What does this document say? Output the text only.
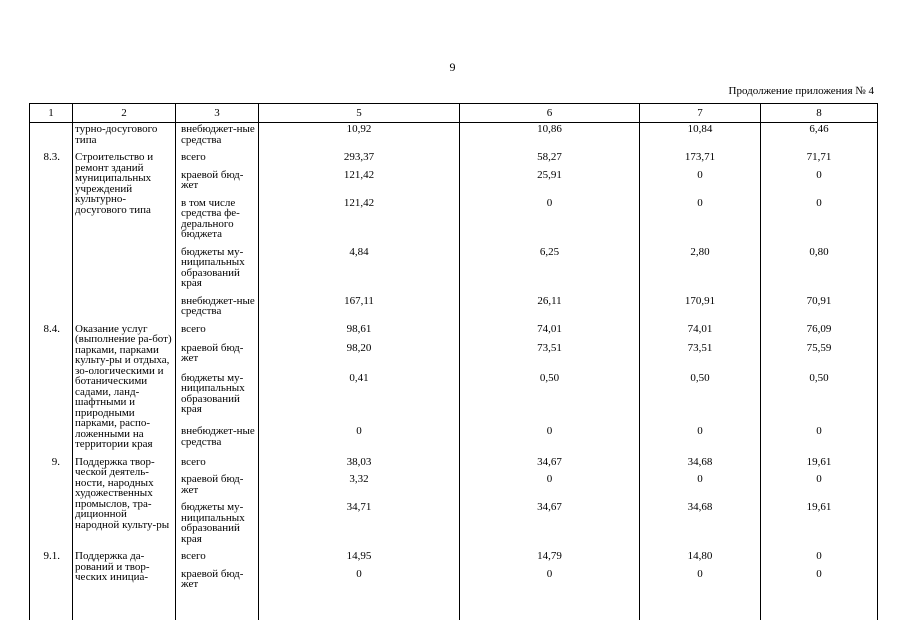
9
Продолжение приложения № 4
1	2	3	5	6	7	8
	турно-досугового типа	внебюджет-ные средства	10,92	10,86	10,84	6,46
8.3.	Строительство и ремонт зданий муниципальных учреждений культурно-досугового типа	всего	293,37	58,27	173,71	71,71
		краевой бюд-жет	121,42	25,91	0	0
		в том числе средства фе-дерального бюджета	121,42	0	0	0
		бюджеты му-ниципальных образований края	4,84	6,25	2,80	0,80
		внебюджет-ные средства	167,11	26,11	170,91	70,91
8.4.	Оказание услуг (выполнение ра-бот) парками, парками культу-ры и отдыха, зо-ологическими и ботаническими садами, ланд-шафтными и природными парками, распо-ложенными на территории края	всего	98,61	74,01	74,01	76,09
		краевой бюд-жет	98,20	73,51	73,51	75,59
		бюджеты му-ниципальных образований края	0,41	0,50	0,50	0,50
		внебюджет-ные средства	0	0	0	0
9.	Поддержка твор-ческой деятель-ности, народных художественных промыслов, тра-диционной народной культу-ры	всего	38,03	34,67	34,68	19,61
		краевой бюд-жет	3,32	0	0	0
		бюджеты му-ниципальных образований края	34,71	34,67	34,68	19,61
9.1.	Поддержка да-рований и твор-ческих инициа-	всего	14,95	14,79	14,80	0
		краевой бюд-жет	0	0	0	0
